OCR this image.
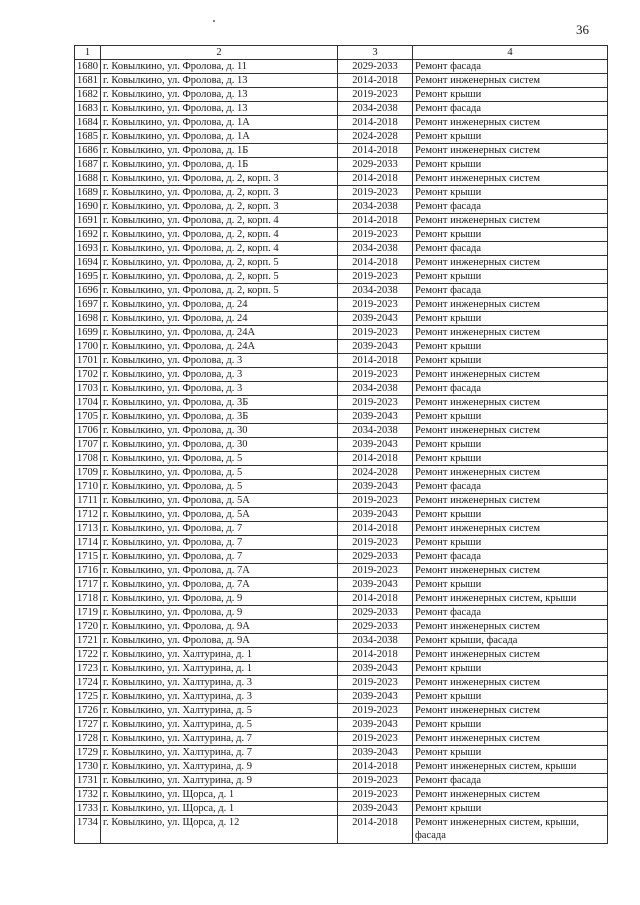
36
1	2	3	4
1680	г. Ковылкино, ул. Фролова, д. 11	2029-2033	Ремонт фасада
1681	г. Ковылкино, ул. Фролова, д. 13	2014-2018	Ремонт инженерных систем
1682	г. Ковылкино, ул. Фролова, д. 13	2019-2023	Ремонт крыши
1683	г. Ковылкино, ул. Фролова, д. 13	2034-2038	Ремонт фасада
1684	г. Ковылкино, ул. Фролова, д. 1А	2014-2018	Ремонт инженерных систем
1685	г. Ковылкино, ул. Фролова, д. 1А	2024-2028	Ремонт крыши
1686	г. Ковылкино, ул. Фролова, д. 1Б	2014-2018	Ремонт инженерных систем
1687	г. Ковылкино, ул. Фролова, д. 1Б	2029-2033	Ремонт крыши
1688	г. Ковылкино, ул. Фролова, д. 2, корп. 3	2014-2018	Ремонт инженерных систем
1689	г. Ковылкино, ул. Фролова, д. 2, корп. 3	2019-2023	Ремонт крыши
1690	г. Ковылкино, ул. Фролова, д. 2, корп. 3	2034-2038	Ремонт фасада
1691	г. Ковылкино, ул. Фролова, д. 2, корп. 4	2014-2018	Ремонт инженерных систем
1692	г. Ковылкино, ул. Фролова, д. 2, корп. 4	2019-2023	Ремонт крыши
1693	г. Ковылкино, ул. Фролова, д. 2, корп. 4	2034-2038	Ремонт фасада
1694	г. Ковылкино, ул. Фролова, д. 2, корп. 5	2014-2018	Ремонт инженерных систем
1695	г. Ковылкино, ул. Фролова, д. 2, корп. 5	2019-2023	Ремонт крыши
1696	г. Ковылкино, ул. Фролова, д. 2, корп. 5	2034-2038	Ремонт фасада
1697	г. Ковылкино, ул. Фролова, д. 24	2019-2023	Ремонт инженерных систем
1698	г. Ковылкино, ул. Фролова, д. 24	2039-2043	Ремонт крыши
1699	г. Ковылкино, ул. Фролова, д. 24А	2019-2023	Ремонт инженерных систем
1700	г. Ковылкино, ул. Фролова, д. 24А	2039-2043	Ремонт крыши
1701	г. Ковылкино, ул. Фролова, д. 3	2014-2018	Ремонт крыши
1702	г. Ковылкино, ул. Фролова, д. 3	2019-2023	Ремонт инженерных систем
1703	г. Ковылкино, ул. Фролова, д. 3	2034-2038	Ремонт фасада
1704	г. Ковылкино, ул. Фролова, д. 3Б	2019-2023	Ремонт инженерных систем
1705	г. Ковылкино, ул. Фролова, д. 3Б	2039-2043	Ремонт крыши
1706	г. Ковылкино, ул. Фролова, д. 30	2034-2038	Ремонт инженерных систем
1707	г. Ковылкино, ул. Фролова, д. 30	2039-2043	Ремонт крыши
1708	г. Ковылкино, ул. Фролова, д. 5	2014-2018	Ремонт крыши
1709	г. Ковылкино, ул. Фролова, д. 5	2024-2028	Ремонт инженерных систем
1710	г. Ковылкино, ул. Фролова, д. 5	2039-2043	Ремонт фасада
1711	г. Ковылкино, ул. Фролова, д. 5А	2019-2023	Ремонт инженерных систем
1712	г. Ковылкино, ул. Фролова, д. 5А	2039-2043	Ремонт крыши
1713	г. Ковылкино, ул. Фролова, д. 7	2014-2018	Ремонт инженерных систем
1714	г. Ковылкино, ул. Фролова, д. 7	2019-2023	Ремонт крыши
1715	г. Ковылкино, ул. Фролова, д. 7	2029-2033	Ремонт фасада
1716	г. Ковылкино, ул. Фролова, д. 7А	2019-2023	Ремонт инженерных систем
1717	г. Ковылкино, ул. Фролова, д. 7А	2039-2043	Ремонт крыши
1718	г. Ковылкино, ул. Фролова, д. 9	2014-2018	Ремонт инженерных систем, крыши
1719	г. Ковылкино, ул. Фролова, д. 9	2029-2033	Ремонт фасада
1720	г. Ковылкино, ул. Фролова, д. 9А	2029-2033	Ремонт инженерных систем
1721	г. Ковылкино, ул. Фролова, д. 9А	2034-2038	Ремонт крыши, фасада
1722	г. Ковылкино, ул. Халтурина, д. 1	2014-2018	Ремонт инженерных систем
1723	г. Ковылкино, ул. Халтурина, д. 1	2039-2043	Ремонт крыши
1724	г. Ковылкино, ул. Халтурина, д. 3	2019-2023	Ремонт инженерных систем
1725	г. Ковылкино, ул. Халтурина, д. 3	2039-2043	Ремонт крыши
1726	г. Ковылкино, ул. Халтурина, д. 5	2019-2023	Ремонт инженерных систем
1727	г. Ковылкино, ул. Халтурина, д. 5	2039-2043	Ремонт крыши
1728	г. Ковылкино, ул. Халтурина, д. 7	2019-2023	Ремонт инженерных систем
1729	г. Ковылкино, ул. Халтурина, д. 7	2039-2043	Ремонт крыши
1730	г. Ковылкино, ул. Халтурина, д. 9	2014-2018	Ремонт инженерных систем, крыши
1731	г. Ковылкино, ул. Халтурина, д. 9	2019-2023	Ремонт фасада
1732	г. Ковылкино, ул. Щорса, д. 1	2019-2023	Ремонт инженерных систем
1733	г. Ковылкино, ул. Щорса, д. 1	2039-2043	Ремонт крыши
1734	г. Ковылкино, ул. Щорса, д. 12	2014-2018	Ремонт инженерных систем, крыши, фасада
